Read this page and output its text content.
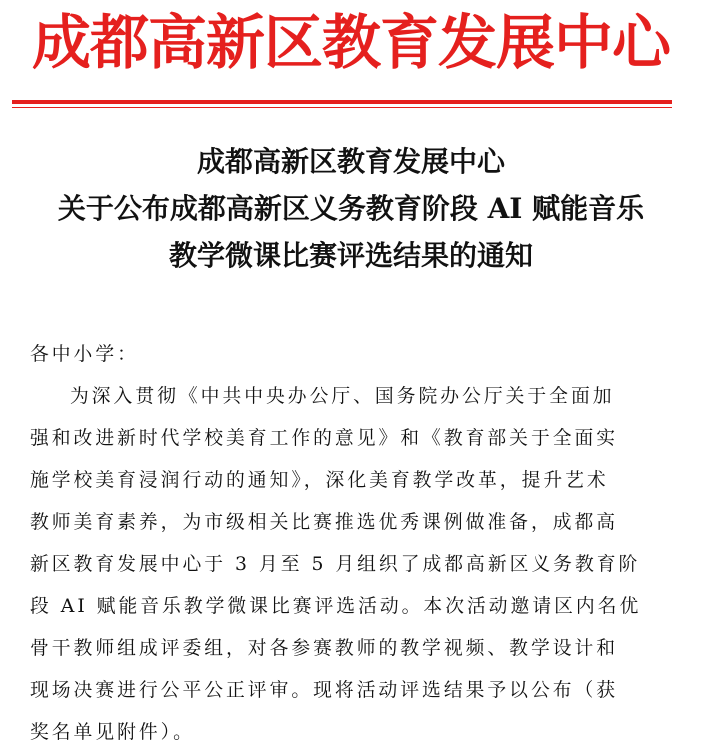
成都高新区教育发展中心
成都高新区教育发展中心
关于公布成都高新区义务教育阶段 AI 赋能音乐
教学微课比赛评选结果的通知
各中小学：
为深入贯彻《中共中央办公厅、国务院办公厅关于全面加
强和改进新时代学校美育工作的意见》和《教育部关于全面实
施学校美育浸润行动的通知》，深化美育教学改革，提升艺术
教师美育素养，为市级相关比赛推选优秀课例做准备，成都高
新区教育发展中心于 3 月至 5 月组织了成都高新区义务教育阶
段 AI 赋能音乐教学微课比赛评选活动。本次活动邀请区内名优
骨干教师组成评委组，对各参赛教师的教学视频、教学设计和
现场决赛进行公平公正评审。现将活动评选结果予以公布（获
奖名单见附件）。
